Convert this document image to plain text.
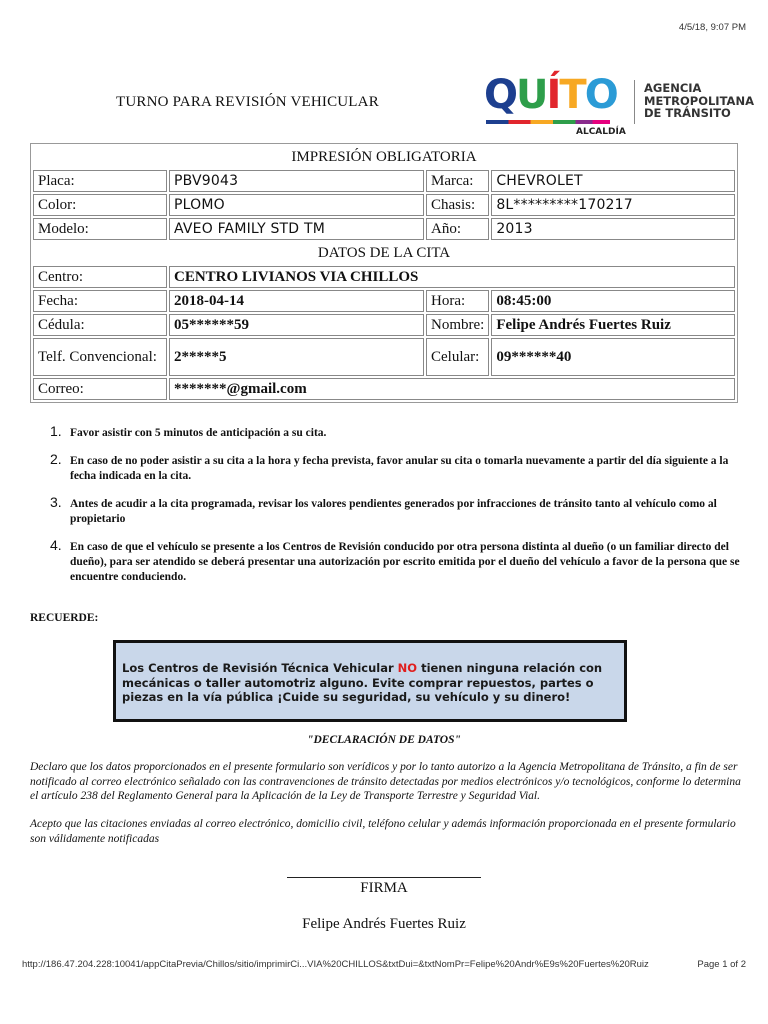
4/5/18, 9:07 PM
TURNO PARA REVISIÓN VEHICULAR	QUÍTO
ALCALDÍA
AGENCIA
METROPOLITANA
DE TRÁNSITO
IMPRESIÓN OBLIGATORIA			
Placa:	PBV9043	Marca:	CHEVROLET
Color:	PLOMO	Chasis:	8L*********170217
Modelo:	AVEO FAMILY STD TM	Año:	2013
DATOS DE LA CITA			
Centro:	CENTRO LIVIANOS VIA CHILLOS		
Fecha:	2018-04-14	Hora:	08:45:00
Cédula:	05******59	Nombre:	Felipe Andrés Fuertes Ruiz
Telf. Convencional:	2*****5	Celular:	09******40
Correo:	*******@gmail.com		
1. Favor asistir con 5 minutos de anticipación a su cita.
2. En caso de no poder asistir a su cita a la hora y fecha prevista, favor anular su cita o tomarla nuevamente a partir del día siguiente a la fecha indicada en la cita.
3. Antes de acudir a la cita programada, revisar los valores pendientes generados por infracciones de tránsito tanto al vehículo como al propietario
4. En caso de que el vehículo se presente a los Centros de Revisión conducido por otra persona distinta al dueño (o un familiar directo del dueño), para ser atendido se deberá presentar una autorización por escrito emitida por el dueño del vehículo a favor de la persona que se encuentre conduciendo.
RECUERDE:
Los Centros de Revisión Técnica Vehicular NO tienen ninguna relación con mecánicas o taller automotriz alguno. Evite comprar repuestos, partes o piezas en la vía pública ¡Cuide su seguridad, su vehículo y su dinero!
"DECLARACIÓN DE DATOS"
Declaro que los datos proporcionados en el presente formulario son verídicos y por lo tanto autorizo a la Agencia Metropolitana de Tránsito, a fin de ser notificado al correo electrónico señalado con las contravenciones de tránsito detectadas por medios electrónicos y/o tecnológicos, conforme lo determina el artículo 238 del Reglamento General para la Aplicación de la Ley de Transporte Terrestre y Seguridad Vial.
Acepto que las citaciones enviadas al correo electrónico, domicilio civil, teléfono celular y además información proporcionada en el presente formulario son válidamente notificadas
FIRMA
Felipe Andrés Fuertes Ruiz
http://186.47.204.228:10041/appCitaPrevia/Chillos/sitio/imprimirCi...VIA%20CHILLOS&txtDui=&txtNomPr=Felipe%20Andr%E9s%20Fuertes%20Ruiz	Page 1 of 2
